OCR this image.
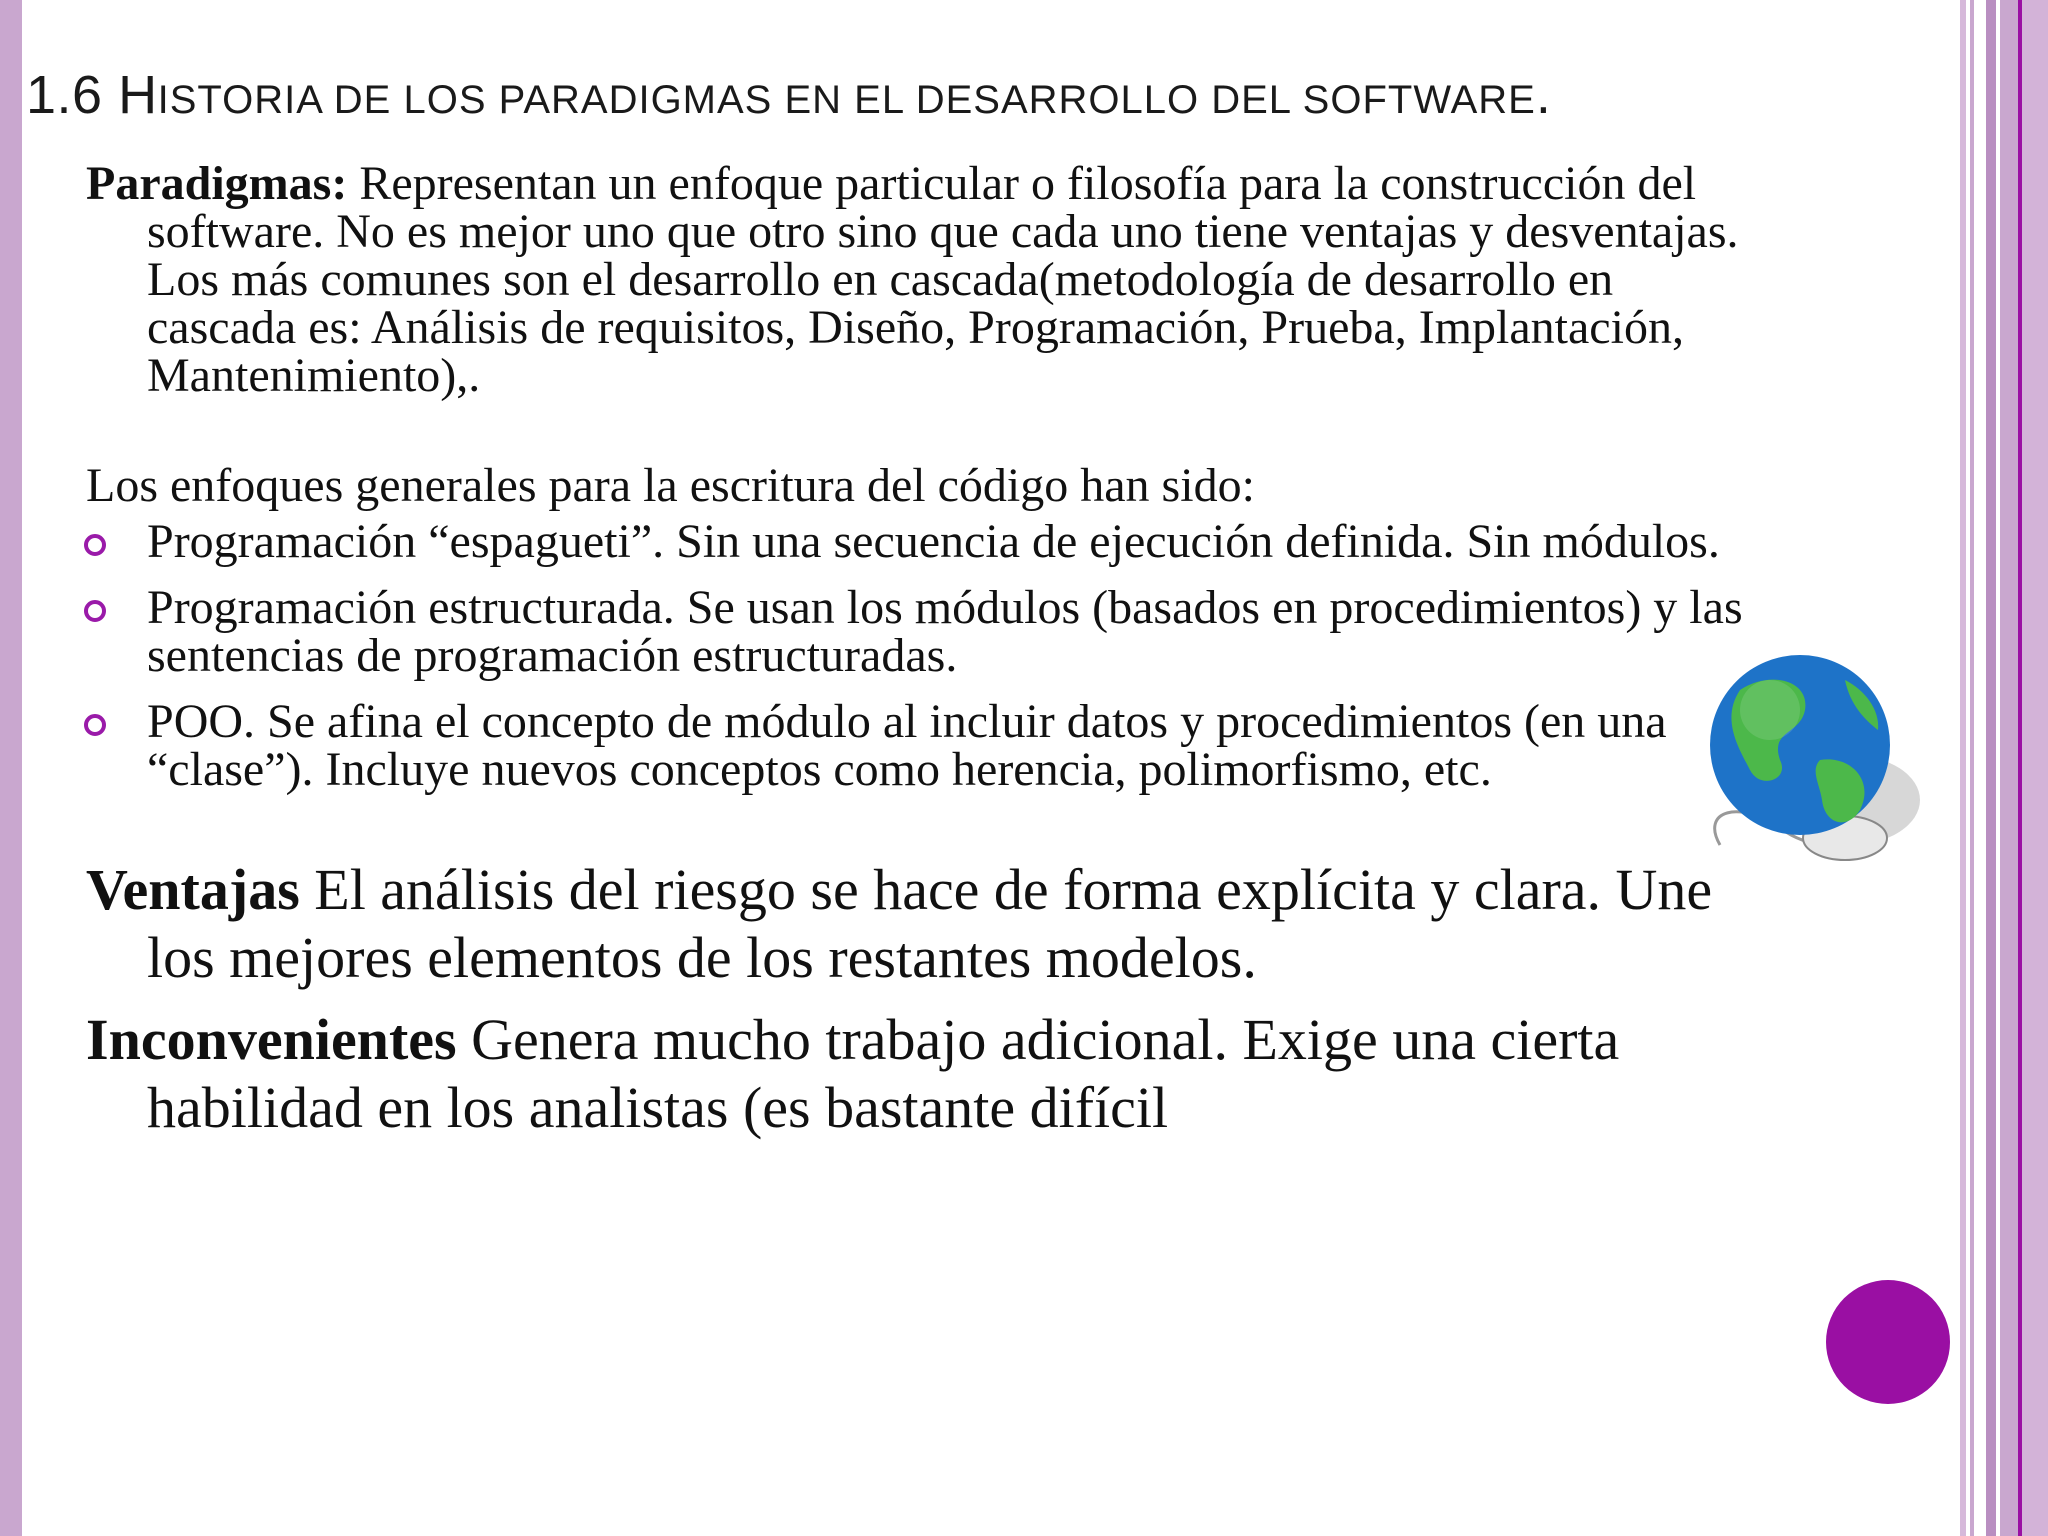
1.6 HISTORIA DE LOS PARADIGMAS EN EL DESARROLLO DEL SOFTWARE.

Paradigmas: Representan un enfoque particular o filosofía para la construcción del software. No es mejor uno que otro sino que cada uno tiene ventajas y desventajas. Los más comunes son el desarrollo en cascada(metodología de desarrollo en cascada es: Análisis de requisitos, Diseño, Programación, Prueba, Implantación, Mantenimiento),.

Los enfoques generales para la escritura del código han sido:

Programación “espagueti”. Sin una secuencia de ejecución definida. Sin módulos.
Programación estructurada. Se usan los módulos (basados en procedimientos) y las sentencias de programación estructuradas.
POO. Se afina el concepto de módulo al incluir datos y procedimientos (en una “clase”). Incluye nuevos conceptos como herencia, polimorfismo, etc.

Ventajas El análisis del riesgo se hace de forma explícita y clara. Une los mejores elementos de los restantes modelos.

Inconvenientes Genera mucho trabajo adicional. Exige una cierta habilidad en los analistas (es bastante difícil
